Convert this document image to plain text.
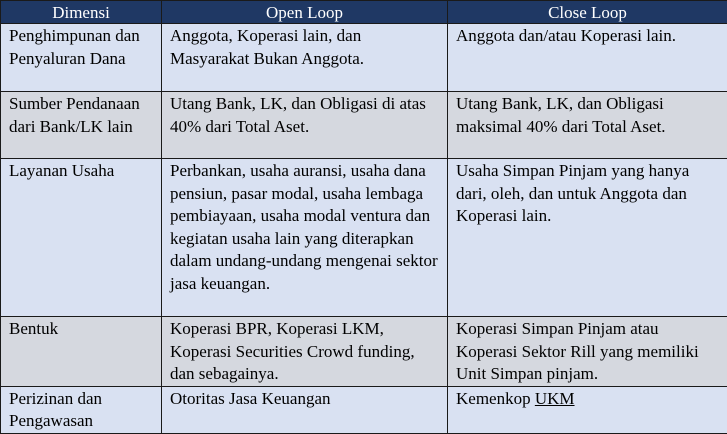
Dimensi	Open Loop	Close Loop
Penghimpunan dan Penyaluran Dana	Anggota, Koperasi lain, dan Masyarakat Bukan Anggota.	Anggota dan/atau Koperasi lain.
Sumber Pendanaan dari Bank/LK lain	Utang Bank, LK, dan Obligasi di atas 40% dari Total Aset.	Utang Bank, LK, dan Obligasi maksimal 40% dari Total Aset.
Layanan Usaha	Perbankan, usaha auransi, usaha dana pensiun, pasar modal, usaha lembaga pembiayaan, usaha modal ventura dan kegiatan usaha lain yang diterapkan dalam undang-undang mengenai sektor jasa keuangan.	Usaha Simpan Pinjam yang hanya dari, oleh, dan untuk Anggota dan Koperasi lain.
Bentuk	Koperasi BPR, Koperasi LKM, Koperasi Securities Crowd funding, dan sebagainya.	Koperasi Simpan Pinjam atau Koperasi Sektor Rill yang memiliki Unit Simpan pinjam.
Perizinan dan Pengawasan	Otoritas Jasa Keuangan	Kemenkop UKM
